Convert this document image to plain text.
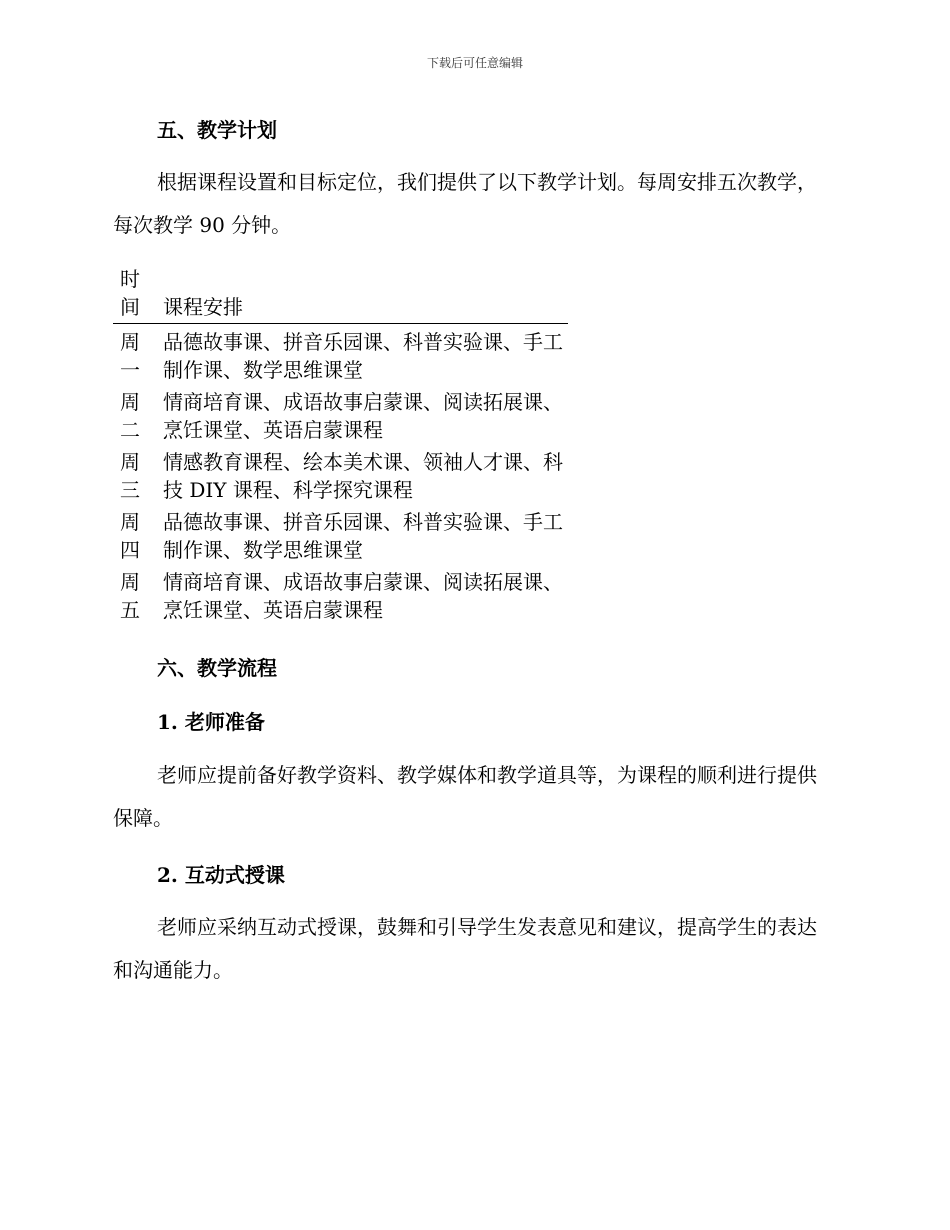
下载后可任意编辑
五、教学计划
根据课程设置和目标定位，我们提供了以下教学计划。每周安排五次教学，每次教学 90 分钟。
时
间	课程安排
周
一
品德故事课、拼音乐园课、科普实验课、手工制作课、数学思维课堂
周
二
情商培育课、成语故事启蒙课、阅读拓展课、烹饪课堂、英语启蒙课程
周
三
情感教育课程、绘本美术课、领袖人才课、科技 DIY 课程、科学探究课程
周
四
品德故事课、拼音乐园课、科普实验课、手工制作课、数学思维课堂
周
五
情商培育课、成语故事启蒙课、阅读拓展课、烹饪课堂、英语启蒙课程
六、教学流程
1. 老师准备
老师应提前备好教学资料、教学媒体和教学道具等，为课程的顺利进行提供保障。
2. 互动式授课
老师应采纳互动式授课，鼓舞和引导学生发表意见和建议，提高学生的表达和沟通能力。
